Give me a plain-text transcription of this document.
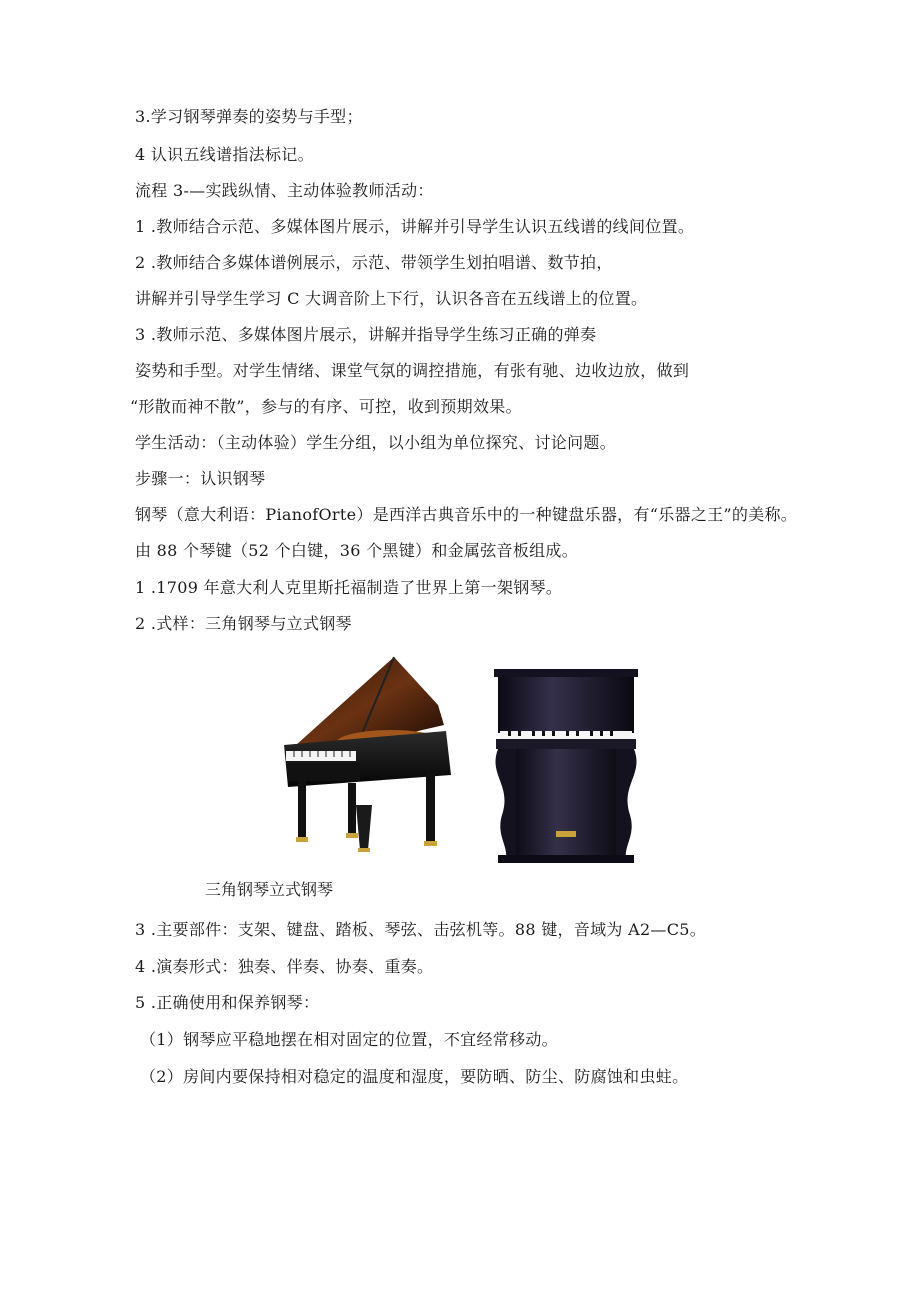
3.学习钢琴弹奏的姿势与手型；
4 认识五线谱指法标记。
流程 3-—实践纵情、主动体验教师活动：
1 .教师结合示范、多媒体图片展示，讲解并引导学生认识五线谱的线间位置。
2 .教师结合多媒体谱例展示，示范、带领学生划拍唱谱、数节拍，
讲解并引导学生学习 C 大调音阶上下行，认识各音在五线谱上的位置。
3 .教师示范、多媒体图片展示，讲解并指导学生练习正确的弹奏
姿势和手型。对学生情绪、课堂气氛的调控措施，有张有驰、边收边放，做到
“形散而神不散”，参与的有序、可控，收到预期效果。
学生活动：（主动体验）学生分组，以小组为单位探究、讨论问题。
步骤一：认识钢琴
钢琴（意大利语：PianofOrte）是西洋古典音乐中的一种键盘乐器，有“乐器之王”的美称。由 88 个琴键（52 个白键，36 个黑键）和金属弦音板组成。
1 .1709 年意大利人克里斯托福制造了世界上第一架钢琴。
2 .式样：三角钢琴与立式钢琴
三角钢琴立式钢琴
3 .主要部件：支架、键盘、踏板、琴弦、击弦机等。88 键，音域为 A2—C5。
4 .演奏形式：独奏、伴奏、协奏、重奏。
5 .正确使用和保养钢琴：
（1）钢琴应平稳地摆在相对固定的位置，不宜经常移动。
（2）房间内要保持相对稳定的温度和湿度，要防晒、防尘、防腐蚀和虫蛀。
